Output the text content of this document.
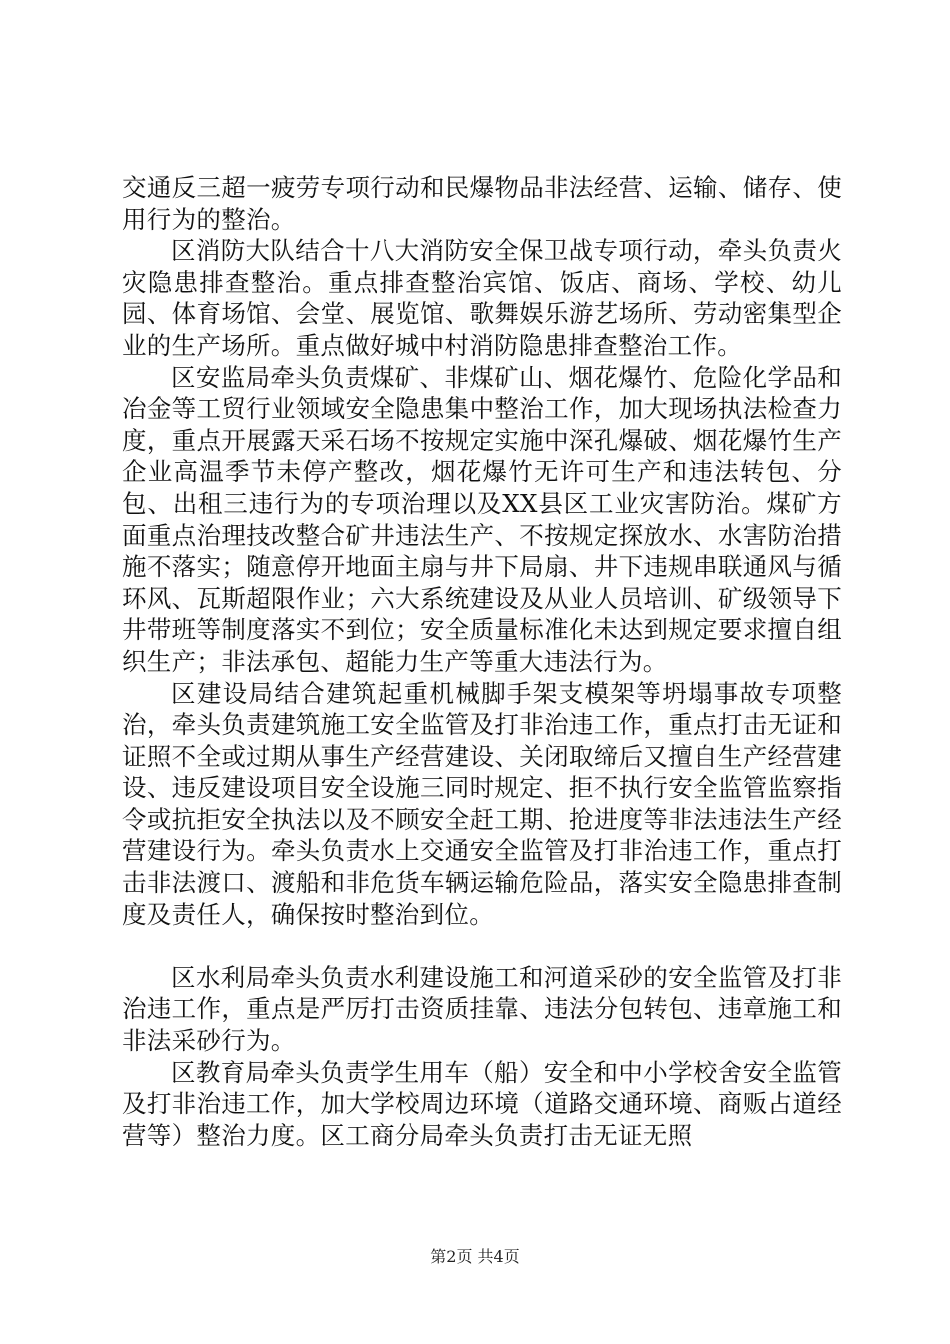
交通反三超一疲劳专项行动和民爆物品非法经营、运输、储存、使用行为的整治。

区消防大队结合十八大消防安全保卫战专项行动，牵头负责火灾隐患排查整治。重点排查整治宾馆、饭店、商场、学校、幼儿园、体育场馆、会堂、展览馆、歌舞娱乐游艺场所、劳动密集型企业的生产场所。重点做好城中村消防隐患排查整治工作。

区安监局牵头负责煤矿、非煤矿山、烟花爆竹、危险化学品和冶金等工贸行业领域安全隐患集中整治工作，加大现场执法检查力度，重点开展露天采石场不按规定实施中深孔爆破、烟花爆竹生产企业高温季节未停产整改，烟花爆竹无许可生产和违法转包、分包、出租三违行为的专项治理以及XX县区工业灾害防治。煤矿方面重点治理技改整合矿井违法生产、不按规定探放水、水害防治措施不落实；随意停开地面主扇与井下局扇、井下违规串联通风与循环风、瓦斯超限作业；六大系统建设及从业人员培训、矿级领导下井带班等制度落实不到位；安全质量标准化未达到规定要求擅自组织生产；非法承包、超能力生产等重大违法行为。

区建设局结合建筑起重机械脚手架支模架等坍塌事故专项整治，牵头负责建筑施工安全监管及打非治违工作，重点打击无证和证照不全或过期从事生产经营建设、关闭取缔后又擅自生产经营建设、违反建设项目安全设施三同时规定、拒不执行安全监管监察指令或抗拒安全执法以及不顾安全赶工期、抢进度等非法违法生产经营建设行为。牵头负责水上交通安全监管及打非治违工作，重点打击非法渡口、渡船和非危货车辆运输危险品，落实安全隐患排查制度及责任人，确保按时整治到位。

区水利局牵头负责水利建设施工和河道采砂的安全监管及打非治违工作，重点是严厉打击资质挂靠、违法分包转包、违章施工和非法采砂行为。

区教育局牵头负责学生用车（船）安全和中小学校舍安全监管及打非治违工作，加大学校周边环境（道路交通环境、商贩占道经营等）整治力度。区工商分局牵头负责打击无证无照

第2页 共4页
